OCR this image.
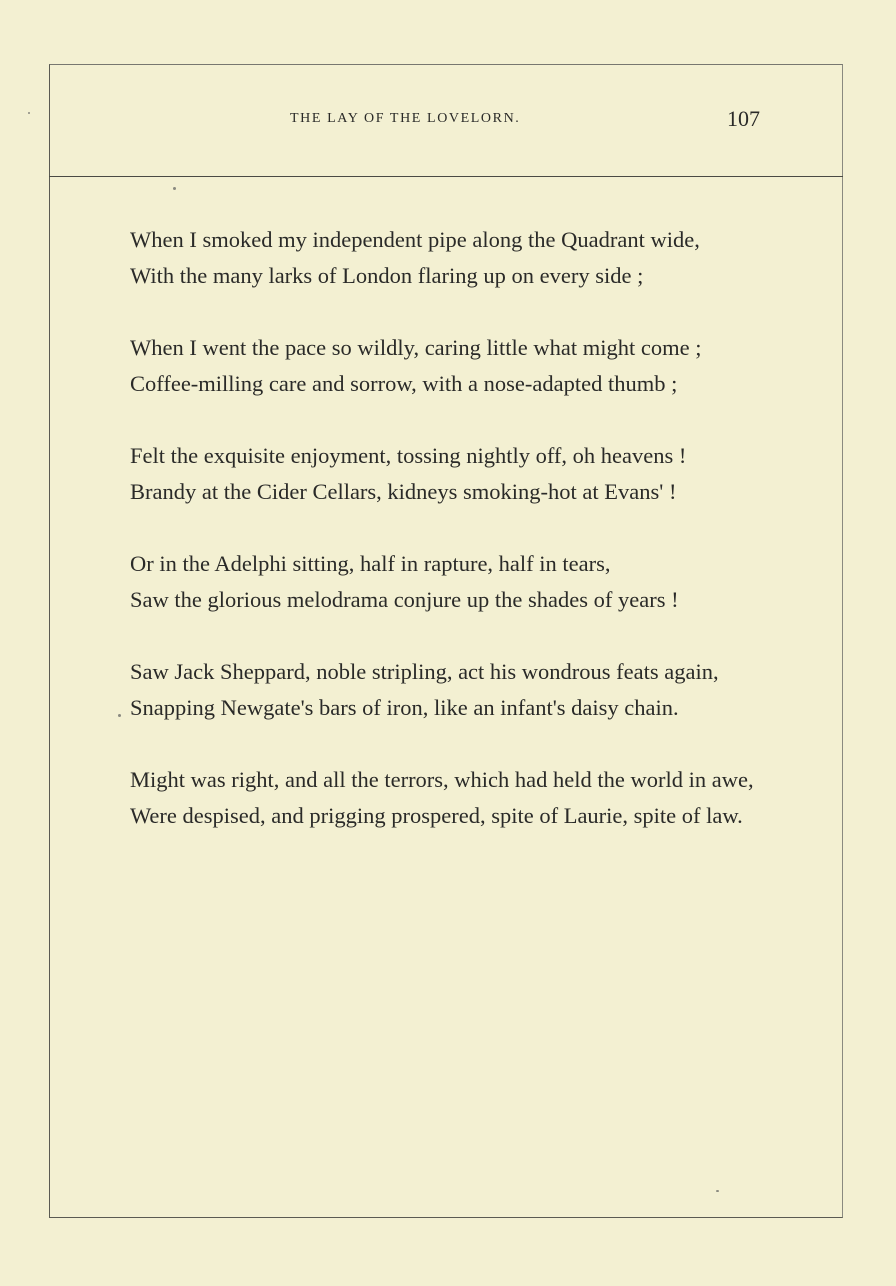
THE LAY OF THE LOVELORN.	107

When I smoked my independent pipe along the Quadrant wide,

With the many larks of London flaring up on every side ;

When I went the pace so wildly, caring little what might come ;

Coffee-milling care and sorrow, with a nose-adapted thumb ;

Felt the exquisite enjoyment, tossing nightly off, oh heavens !

Brandy at the Cider Cellars, kidneys smoking-hot at Evans' !

Or in the Adelphi sitting, half in rapture, half in tears,

Saw the glorious melodrama conjure up the shades of years !

Saw Jack Sheppard, noble stripling, act his wondrous feats again,

Snapping Newgate's bars of iron, like an infant's daisy chain.

Might was right, and all the terrors, which had held the world in awe,

Were despised, and prigging prospered, spite of Laurie, spite of law.
